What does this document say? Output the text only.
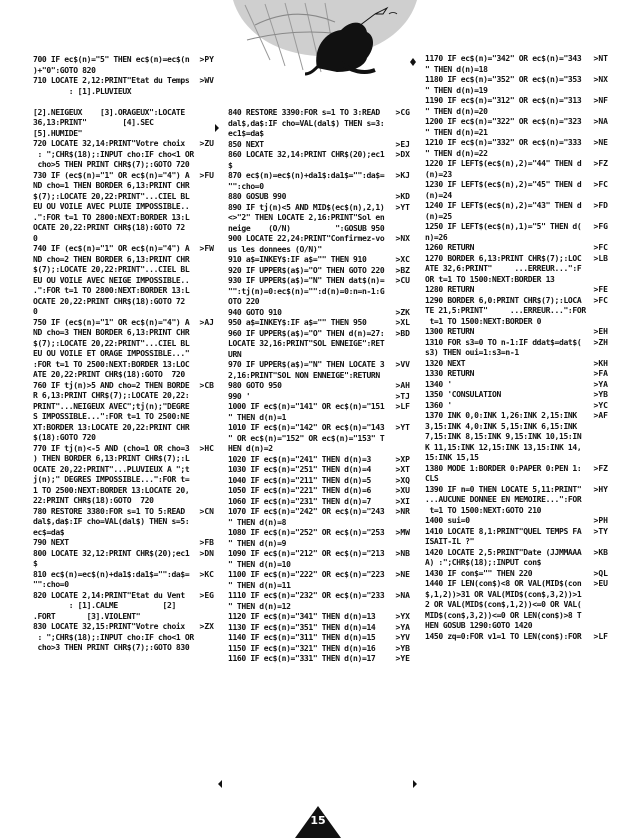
700 IF ec$(n)="5" THEN ec$(n)=ec$(n
)+"0":GOTO 820
>PY
710 LOCATE 2,12:PRINT"Etat du Temps
: [1].PLUVIEUX

[2].NEIGEUX    [3].ORAGEUX":LOCATE
36,13:PRINT"        [4].SEC
[5].HUMIDE"
>WV
720 LOCATE 32,14:PRINT"Votre choix
: ";CHR$(18);:INPUT cho:IF cho<1 OR
cho>5 THEN PRINT CHR$(7);:GOTO 720
>ZU
730 IF (ec$(n)="1" OR ec$(n)="4") A
ND cho=1 THEN BORDER 6,13:PRINT CHR
$(7);:LOCATE 20,22:PRINT"...CIEL BL
EU OU VOILE AVEC PLUIE IMPOSSIBLE..
.":FOR t=1 TO 2800:NEXT:BORDER 13:L
OCATE 20,22:PRINT CHR$(18):GOTO 72
0
>FU
740 IF (ec$(n)="1" OR ec$(n)="4") A
ND cho=2 THEN BORDER 6,13:PRINT CHR
$(7);:LOCATE 20,22:PRINT"...CIEL BL
EU OU VOILE AVEC NEIGE IMPOSSIBLE..
.":FOR t=1 TO 2800:NEXT:BORDER 13:L
OCATE 20,22:PRINT CHR$(18):GOTO 72
0
>FW
750 IF (ec$(n)="1" OR ec$(n)="4") A
ND cho=3 THEN BORDER 6,13:PRINT CHR
$(7);:LOCATE 20,22:PRINT"...CIEL BL
EU OU VOILE ET ORAGE IMPOSSIBLE..."
:FOR t=1 TO 2500:NEXT:BORDER 13:LOC
ATE 20,22:PRINT CHR$(18):GOTO  720
>AJ
760 IF tj(n)>5 AND cho=2 THEN BORDE
R 6,13:PRINT CHR$(7);:LOCATE 20,22:
PRINT"...NEIGEUX AVEC";tj(n);"DEGRE
S IMPOSSIBLE...":FOR t=1 TO 2500:NE
XT:BORDER 13:LOCATE 20,22:PRINT CHR
$(18):GOTO 720
>CB
770 IF tj(n)<-5 AND (cho=1 OR cho=3
) THEN BORDER 6,13:PRINT CHR$(7);:L
OCATE 20,22:PRINT"...PLUVIEUX A ";t
j(n);" DEGRES IMPOSSIBLE...":FOR t=
1 TO 2500:NEXT:BORDER 13:LOCATE 20,
22:PRINT CHR$(18):GOTO  720
>HC
780 RESTORE 3380:FOR s=1 TO 5:READ
dal$,da$:IF cho=VAL(dal$) THEN s=5:
ec$=da$
>CN
790 NEXT	>FB
800 LOCATE 32,12:PRINT CHR$(20);ec1
$
>DN
810 ec$(n)=ec$(n)+da1$:da1$="":da$=
"":cho=0
>KC
820 LOCATE 2,14:PRINT"Etat du Vent
: [1].CALME          [2]
.FORT       [3].VIOLENT"
>EG
830 LOCATE 32,15:PRINT"Votre choix
: ";CHR$(18);:INPUT cho:IF cho<1 OR
cho>3 THEN PRINT CHR$(7);:GOTO 830
>ZX
840 RESTORE 3390:FOR s=1 TO 3:READ
dal$,da$:IF cho=VAL(dal$) THEN s=3:
ec1$=da$
>CG
850 NEXT	>EJ
860 LOCATE 32,14:PRINT CHR$(20);ec1
$
>DX
870 ec$(n)=ec$(n)+da1$:da1$="":da$=
"":cho=0
>KJ
880 GOSUB 990	>KD
890 IF tj(n)<5 AND MID$(ec$(n),2,1)
<>"2" THEN LOCATE 2,16:PRINT"Sol en
neige    (O/N)          ":GOSUB 950
>YT
900 LOCATE 22,24:PRINT"Confirmez-vo
us les donnees (O/N)"
>NX
910 a$=INKEY$:IF a$="" THEN 910	>XC
920 IF UPPER$(a$)="O" THEN GOTO 220	>BZ
930 IF UPPER$(a$)="N" THEN dat$(n)=
"":tj(n)=0:ec$(n)="":d(n)=0:n=n-1:G
OTO 220
>CU
940 GOTO 910	>ZK
950 a$=INKEY$:IF a$="" THEN 950	>XL
960 IF UPPER$(a$)="O" THEN d(n)=27:
LOCATE 32,16:PRINT"SOL ENNEIGE":RET
URN
>BD
970 IF UPPER$(a$)="N" THEN LOCATE 3
2,16:PRINT"SOL NON ENNEIGE":RETURN
>VV
980 GOTO 950	>AH
990 '	>TJ
1000 IF ec$(n)="141" OR ec$(n)="151
" THEN d(n)=1
>LF
1010 IF ec$(n)="142" OR ec$(n)="143
" OR ec$(n)="152" OR ec$(n)="153" T
HEN d(n)=2
>YT
1020 IF ec$(n)="241" THEN d(n)=3	>XP
1030 IF ec$(n)="251" THEN d(n)=4	>XT
1040 IF ec$(n)="211" THEN d(n)=5	>XQ
1050 IF ec$(n)="221" THEN d(n)=6	>XU
1060 IF ec$(n)="231" THEN d(n)=7	>XI
1070 IF ec$(n)="242" OR ec$(n)="243
" THEN d(n)=8
>NR
1080 IF ec$(n)="252" OR ec$(n)="253
" THEN d(n)=9
>MW
1090 IF ec$(n)="212" OR ec$(n)="213
" THEN d(n)=10
>NB
1100 IF ec$(n)="222" OR ec$(n)="223
" THEN d(n)=11
>NE
1110 IF ec$(n)="232" OR ec$(n)="233
" THEN d(n)=12
>NA
1120 IF ec$(n)="341" THEN d(n)=13	>YX
1130 IF ec$(n)="351" THEN d(n)=14	>YA
1140 IF ec$(n)="311" THEN d(n)=15	>YV
1150 IF ec$(n)="321" THEN d(n)=16	>YB
1160 IF ec$(n)="331" THEN d(n)=17	>YE
1170 IF ec$(n)="342" OR ec$(n)="343
" THEN d(n)=18
>NT
1180 IF ec$(n)="352" OR ec$(n)="353
" THEN d(n)=19
>NX
1190 IF ec$(n)="312" OR ec$(n)="313
" THEN d(n)=20
>NF
1200 IF ec$(n)="322" OR ec$(n)="323
" THEN d(n)=21
>NA
1210 IF ec$(n)="332" OR ec$(n)="333
" THEN d(n)=22
>NE
1220 IF LEFT$(ec$(n),2)="44" THEN d
(n)=23
>FZ
1230 IF LEFT$(ec$(n),2)="45" THEN d
(n)=24
>FC
1240 IF LEFT$(ec$(n),2)="43" THEN d
(n)=25
>FD
1250 IF LEFT$(ec$(n),1)="5" THEN d(
n)=26
>FG
1260 RETURN	>FC
1270 BORDER 6,13:PRINT CHR$(7);:LOC
ATE 32,6:PRINT"     ...ERREUR...":F
OR t=1 TO 1500:NEXT:BORDER 13
>LB
1280 RETURN	>FE
1290 BORDER 6,0:PRINT CHR$(7);:LOCA
TE 21,5:PRINT"     ...ERREUR...":FOR
t=1 TO 1500:NEXT:BORDER 0
>FC
1300 RETURN	>EH
1310 FOR s3=0 TO n-1:IF ddat$=dat$(
s3) THEN oui=1:s3=n-1
>ZH
1320 NEXT	>KH
1330 RETURN	>FA
1340 '	>YA
1350 'CONSULATION	>YB
1360 '	>YC
1370 INK 0,0:INK 1,26:INK 2,15:INK
3,15:INK 4,0:INK 5,15:INK 6,15:INK
7,15:INK 8,15:INK 9,15:INK 10,15:IN
K 11,15:INK 12,15:INK 13,15:INK 14,
15:INK 15,15
>AF
1380 MODE 1:BORDER 0:PAPER 0:PEN 1:
CLS
>FZ
1390 IF n=0 THEN LOCATE 5,11:PRINT"
...AUCUNE DONNEE EN MEMOIRE...":FOR
t=1 TO 1500:NEXT:GOTO 210
>HY
1400 sui=0	>PH
1410 LOCATE 8,1:PRINT"QUEL TEMPS FA
ISAIT-IL ?"
>TY
1420 LOCATE 2,5:PRINT"Date (JJMMAAA
A) :";CHR$(18);:INPUT con$
>KB
1430 IF con$="" THEN 220	>QL
1440 IF LEN(con$)<8 OR VAL(MID$(con
$,1,2))>31 OR VAL(MID$(con$,3,2))>1
2 OR VAL(MID$(con$,1,2))<=0 OR VAL(
MID$(con$,3,2))<=0 OR LEN(con$)>8 T
HEN GOSUB 1290:GOTO 1420
>EU
1450 zq=0:FOR v1=1 TO LEN(con$):FOR	>LF
15
